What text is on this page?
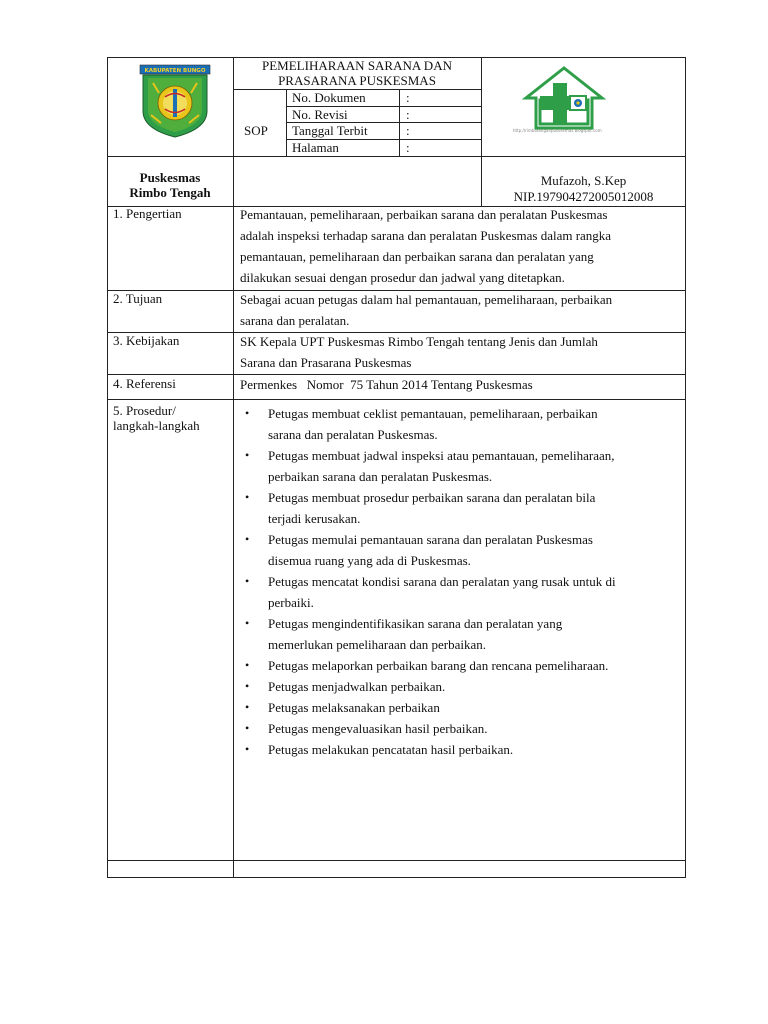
KABUPATEN BUNGO
http://rimbotengahpuskesmas.blogspot.com
PEMELIHARAAN SARANA DAN
PRASARANA PUSKESMAS
SOP
No. Dokumen	:
No. Revisi	:
Tanggal Terbit	:
Halaman	:
Puskesmas
Rimbo Tengah
Mufazoh, S.Kep
NIP.197904272005012008
1. Pengertian	Pemantauan, pemeliharaan, perbaikan sarana dan peralatan Puskesmas
adalah inspeksi terhadap sarana dan peralatan Puskesmas dalam rangka
pemantauan, pemeliharaan dan perbaikan sarana dan peralatan yang
dilakukan sesuai dengan prosedur dan jadwal yang ditetapkan.
2. Tujuan	Sebagai acuan petugas dalam hal pemantauan, pemeliharaan, perbaikan
sarana dan peralatan.
3. Kebijakan	SK Kepala UPT Puskesmas Rimbo Tengah tentang Jenis dan Jumlah
Sarana dan Prasarana Puskesmas
4. Referensi	Permenkes   Nomor  75 Tahun 2014 Tentang Puskesmas
5. Prosedur/
langkah-langkah
• Petugas membuat ceklist pemantauan, pemeliharaan, perbaikan
sarana dan peralatan Puskesmas.
• Petugas membuat jadwal inspeksi atau pemantauan, pemeliharaan,
perbaikan sarana dan peralatan Puskesmas.
• Petugas membuat prosedur perbaikan sarana dan peralatan bila
terjadi kerusakan.
• Petugas memulai pemantauan sarana dan peralatan Puskesmas
disemua ruang yang ada di Puskesmas.
• Petugas mencatat kondisi sarana dan peralatan yang rusak untuk di
perbaiki.
• Petugas mengindentifikasikan sarana dan peralatan yang
memerlukan pemeliharaan dan perbaikan.
• Petugas melaporkan perbaikan barang dan rencana pemeliharaan.
• Petugas menjadwalkan perbaikan.
• Petugas melaksanakan perbaikan
• Petugas mengevaluasikan hasil perbaikan.
• Petugas melakukan pencatatan hasil perbaikan.
